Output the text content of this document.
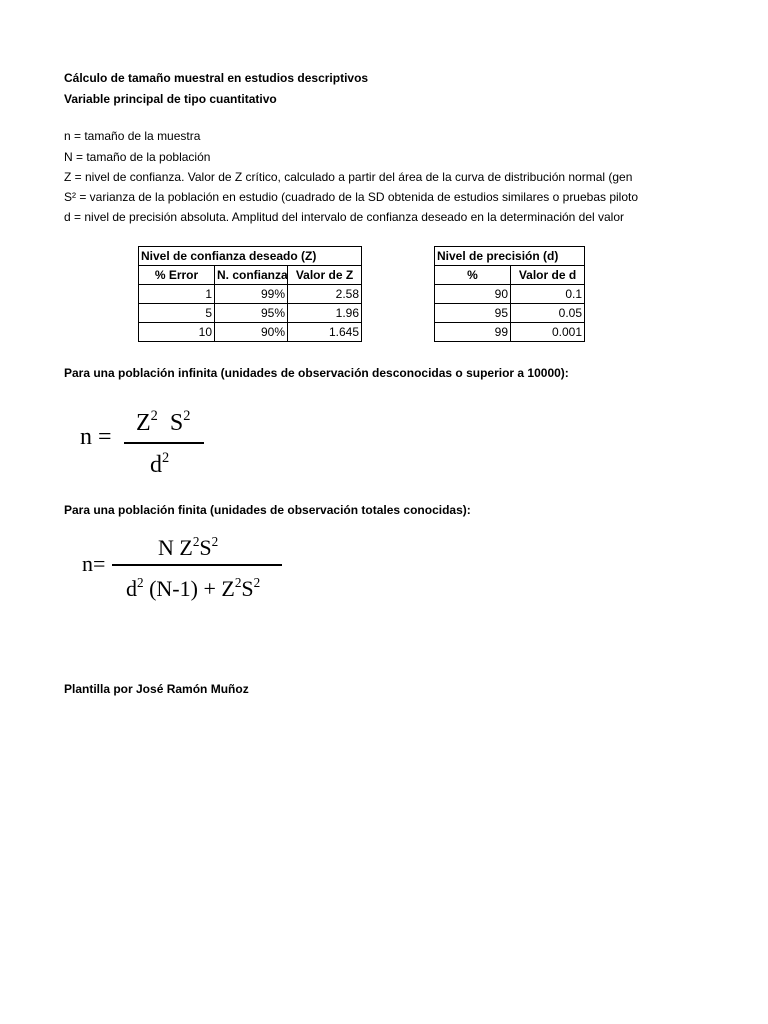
Cálculo de tamaño muestral en estudios descriptivos
Variable principal de tipo cuantitativo
n = tamaño de la muestra
N = tamaño de la población
Z = nivel de confianza. Valor de Z crítico, calculado a partir del área de la curva de distribución normal (gen
S² = varianza de la población en estudio (cuadrado de la SD obtenida de estudios similares o pruebas piloto
d = nivel de precisión absoluta. Amplitud del intervalo de confianza deseado en la determinación del valor
Nivel de confianza deseado (Z)		
% Error	N. confianza	Valor de Z
1	99%	2.58
5	95%	1.96
10	90%	1.645
Nivel de precisión (d)	
%	Valor de d
90	0.1
95	0.05
99	0.001
Para una población infinita (unidades de observación desconocidas o superior a 10000):
n =
$Z^2$ $S^2$
$d^2$
Para una población finita (unidades de observación totales conocidas):
n=
N $Z^2S^2$
$d^2$ $(N-1) + Z^2S^2$
Plantilla por José Ramón Muñoz
